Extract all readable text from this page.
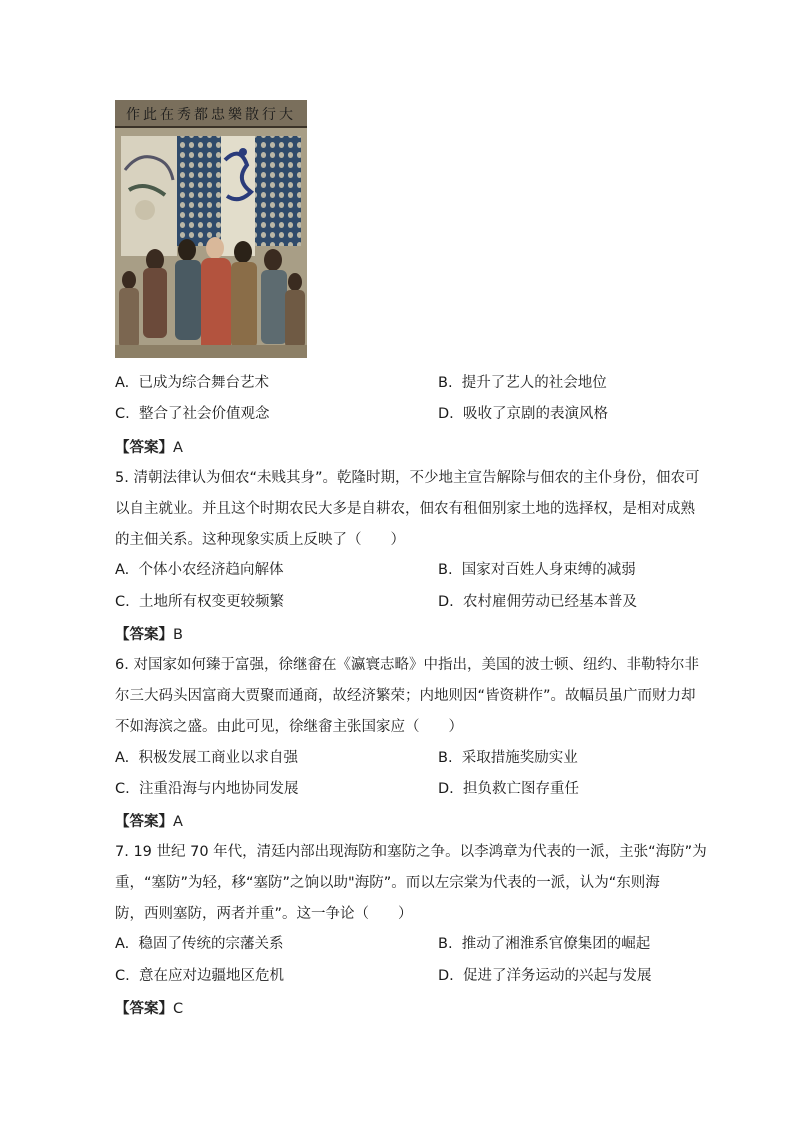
作此在秀都忠樂散行大
A. 已成为综合舞台艺术	B. 提升了艺人的社会地位
C. 整合了社会价值观念	D. 吸收了京剧的表演风格
【答案】A
5. 清朝法律认为佃农“未贱其身”。乾隆时期，不少地主宣告解除与佃农的主仆身份，佃农可
以自主就业。并且这个时期农民大多是自耕农，佃农有租佃别家土地的选择权，是相对成熟
的主佃关系。这种现象实质上反映了（　　）
A. 个体小农经济趋向解体	B. 国家对百姓人身束缚的减弱
C. 土地所有权变更较频繁	D. 农村雇佣劳动已经基本普及
【答案】B
6. 对国家如何臻于富强，徐继畲在《瀛寰志略》中指出，美国的波士顿、纽约、非勒特尔非
尔三大码头因富商大贾聚而通商，故经济繁荣；内地则因“皆资耕作”。故幅员虽广而财力却
不如海滨之盛。由此可见，徐继畲主张国家应（　　）
A. 积极发展工商业以求自强	B. 采取措施奖励实业
C. 注重沿海与内地协同发展	D. 担负救亡图存重任
【答案】A
7. 19 世纪 70 年代，清廷内部出现海防和塞防之争。以李鸿章为代表的一派，主张“海防”为
重，“塞防”为轻，移“塞防”之饷以助"海防”。而以左宗棠为代表的一派，认为“东则海
防，西则塞防，两者并重”。这一争论（　　）
A. 稳固了传统的宗藩关系	B. 推动了湘淮系官僚集团的崛起
C. 意在应对边疆地区危机	D. 促进了洋务运动的兴起与发展
【答案】C
